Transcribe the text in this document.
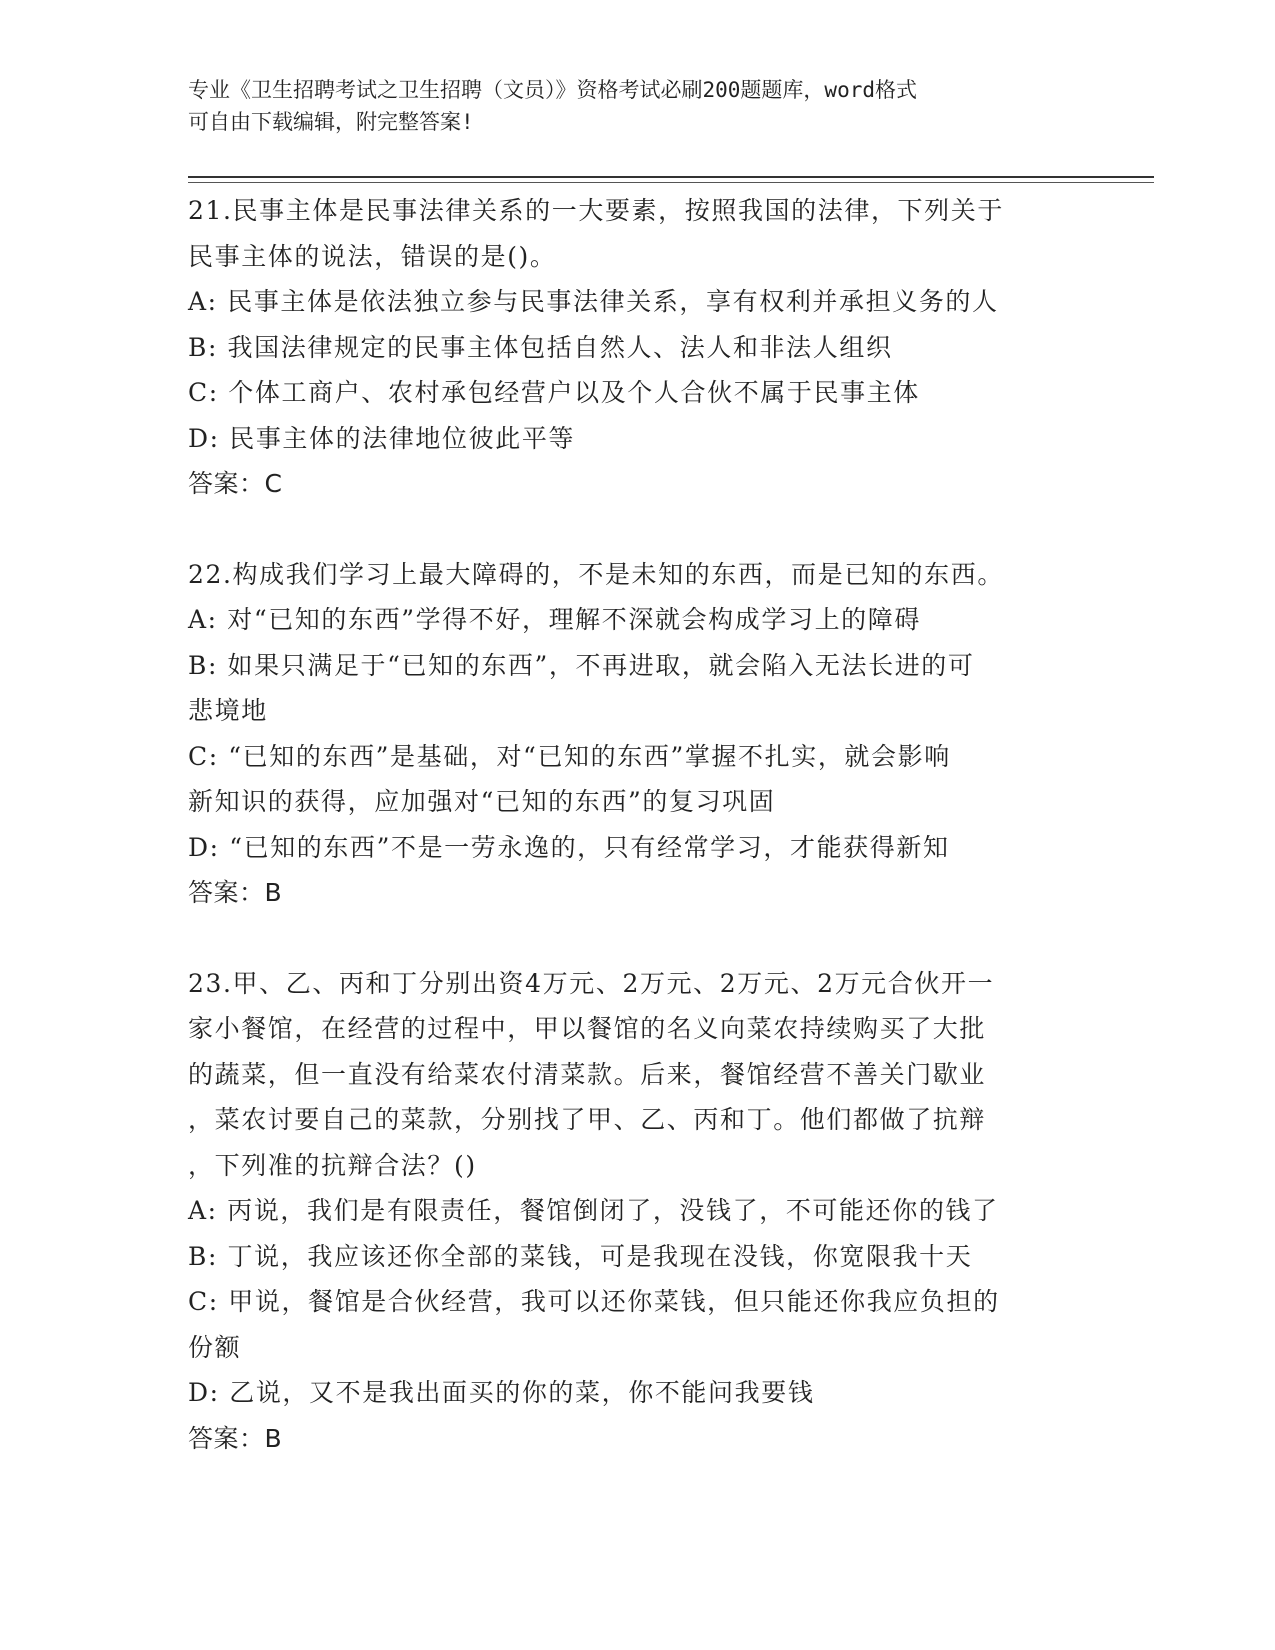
专业《卫生招聘考试之卫生招聘（文员）》资格考试必刷200题题库，word格式
可自由下载编辑，附完整答案!
21.民事主体是民事法律关系的一大要素，按照我国的法律，下列关于
民事主体的说法，错误的是()。
A: 民事主体是依法独立参与民事法律关系，享有权利并承担义务的人
B: 我国法律规定的民事主体包括自然人、法人和非法人组织
C: 个体工商户、农村承包经营户以及个人合伙不属于民事主体
D: 民事主体的法律地位彼此平等
答案：C
22.构成我们学习上最大障碍的，不是未知的东西，而是已知的东西。
A: 对“已知的东西”学得不好，理解不深就会构成学习上的障碍
B: 如果只满足于“已知的东西”，不再进取，就会陷入无法长进的可
悲境地
C: “已知的东西”是基础，对“已知的东西”掌握不扎实，就会影响
新知识的获得，应加强对“已知的东西”的复习巩固
D: “已知的东西”不是一劳永逸的，只有经常学习，才能获得新知
答案：B
23.甲、乙、丙和丁分别出资4万元、2万元、2万元、2万元合伙开一
家小餐馆，在经营的过程中，甲以餐馆的名义向菜农持续购买了大批
的蔬菜，但一直没有给菜农付清菜款。后来，餐馆经营不善关门歇业
，菜农讨要自己的菜款，分别找了甲、乙、丙和丁。他们都做了抗辩
，下列准的抗辩合法？()
A: 丙说，我们是有限责任，餐馆倒闭了，没钱了，不可能还你的钱了
B: 丁说，我应该还你全部的菜钱，可是我现在没钱，你宽限我十天
C: 甲说，餐馆是合伙经营，我可以还你菜钱，但只能还你我应负担的
份额
D: 乙说，又不是我出面买的你的菜，你不能问我要钱
答案：B
